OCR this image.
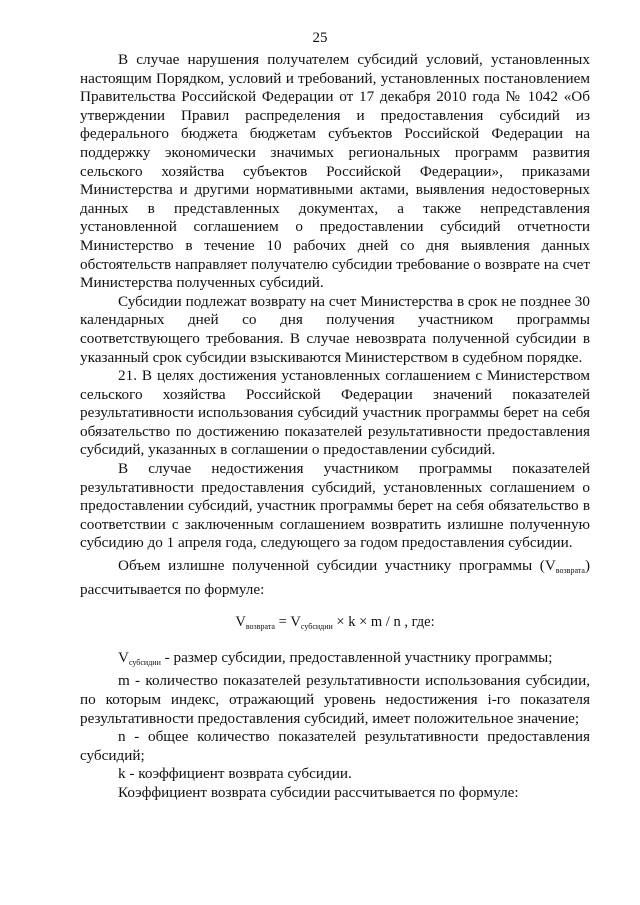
25

В случае нарушения получателем субсидий условий, установленных настоящим Порядком, условий и требований, установленных постановлением Правительства Российской Федерации от 17 декабря 2010 года № 1042 «Об утверждении Правил распределения и предоставления субсидий из федерального бюджета бюджетам субъектов Российской Федерации на поддержку экономически значимых региональных программ развития сельского хозяйства субъектов Российской Федерации», приказами Министерства и другими нормативными актами, выявления недостоверных данных в представленных документах, а также непредставления установленной соглашением о предоставлении субсидий отчетности Министерство в течение 10 рабочих дней со дня выявления данных обстоятельств направляет получателю субсидии требование о возврате на счет Министерства полученных субсидий.

Субсидии подлежат возврату на счет Министерства в срок не позднее 30 календарных дней со дня получения участником программы соответствующего требования. В случае невозврата полученной субсидии в указанный срок субсидии взыскиваются Министерством в судебном порядке.

21. В целях достижения установленных соглашением с Министерством сельского хозяйства Российской Федерации значений показателей результативности использования субсидий участник программы берет на себя обязательство по достижению показателей результативности предоставления субсидий, указанных в соглашении о предоставлении субсидий.

В случае недостижения участником программы показателей результативности предоставления субсидий, установленных соглашением о предоставлении субсидий, участник программы берет на себя обязательство в соответствии с заключенным соглашением возвратить излишне полученную субсидию до 1 апреля года, следующего за годом предоставления субсидии.

Объем излишне полученной субсидии участнику программы $(V_{возврата})$ рассчитывается по формуле:

$V_{возврата} = V_{субсидии} \times k \times m / n$ , где:

$V_{субсидии}$ - размер субсидии, предоставленной участнику программы;

m - количество показателей результативности использования субсидии, по которым индекс, отражающий уровень недостижения i-го показателя результативности предоставления субсидий, имеет положительное значение;

n - общее количество показателей результативности предоставления субсидий;

k - коэффициент возврата субсидии.

Коэффициент возврата субсидии рассчитывается по формуле:
